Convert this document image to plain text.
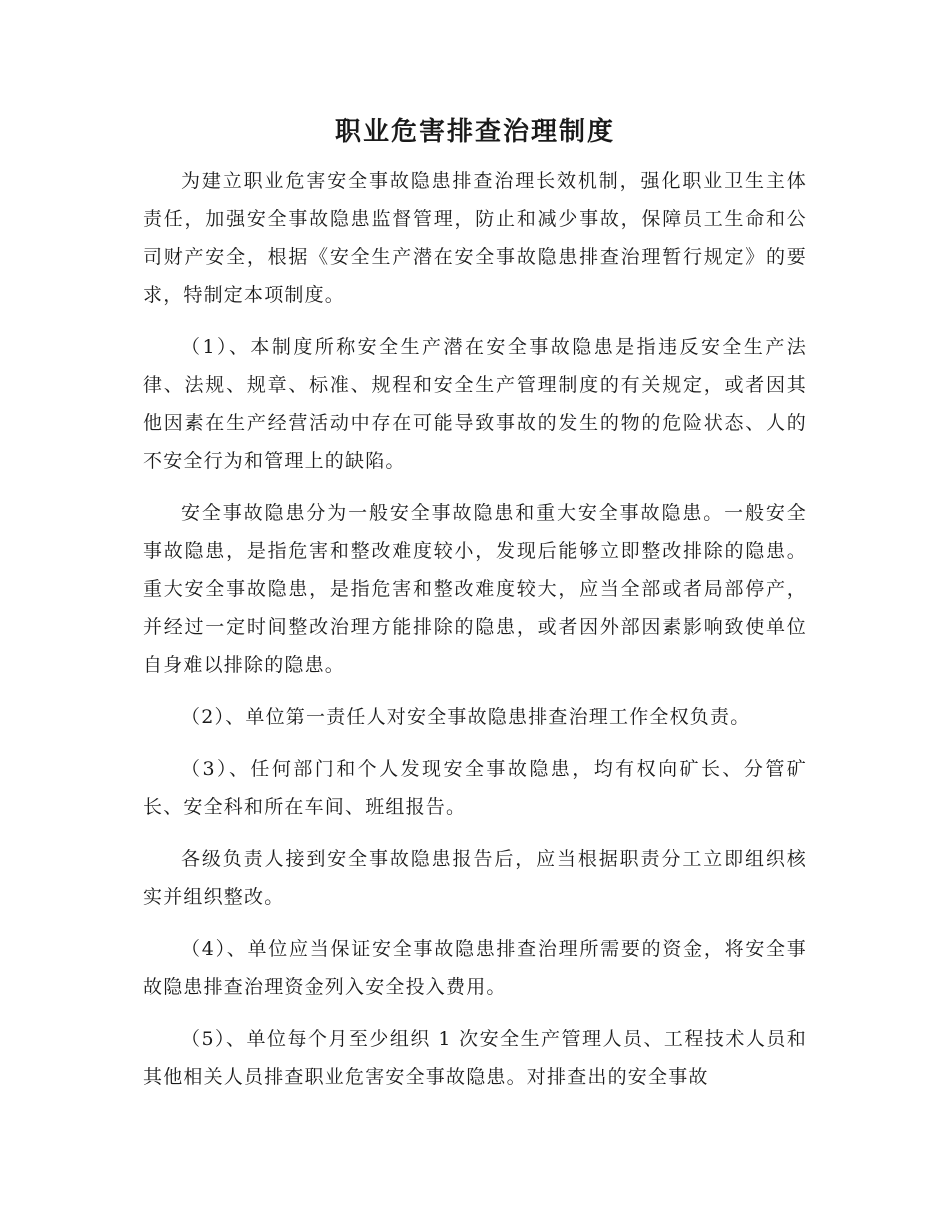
职业危害排查治理制度

为建立职业危害安全事故隐患排查治理长效机制，强化职业卫生主体责任，加强安全事故隐患监督管理，防止和减少事故，保障员工生命和公司财产安全，根据《安全生产潜在安全事故隐患排查治理暂行规定》的要求，特制定本项制度。

（1）、本制度所称安全生产潜在安全事故隐患是指违反安全生产法律、法规、规章、标准、规程和安全生产管理制度的有关规定，或者因其他因素在生产经营活动中存在可能导致事故的发生的物的危险状态、人的不安全行为和管理上的缺陷。

安全事故隐患分为一般安全事故隐患和重大安全事故隐患。一般安全事故隐患，是指危害和整改难度较小，发现后能够立即整改排除的隐患。重大安全事故隐患，是指危害和整改难度较大，应当全部或者局部停产，并经过一定时间整改治理方能排除的隐患，或者因外部因素影响致使单位自身难以排除的隐患。

（2）、单位第一责任人对安全事故隐患排查治理工作全权负责。

（3）、任何部门和个人发现安全事故隐患，均有权向矿长、分管矿长、安全科和所在车间、班组报告。

各级负责人接到安全事故隐患报告后，应当根据职责分工立即组织核实并组织整改。

（4）、单位应当保证安全事故隐患排查治理所需要的资金，将安全事故隐患排查治理资金列入安全投入费用。

（5）、单位每个月至少组织 1 次安全生产管理人员、工程技术人员和其他相关人员排查职业危害安全事故隐患。对排查出的安全事故
